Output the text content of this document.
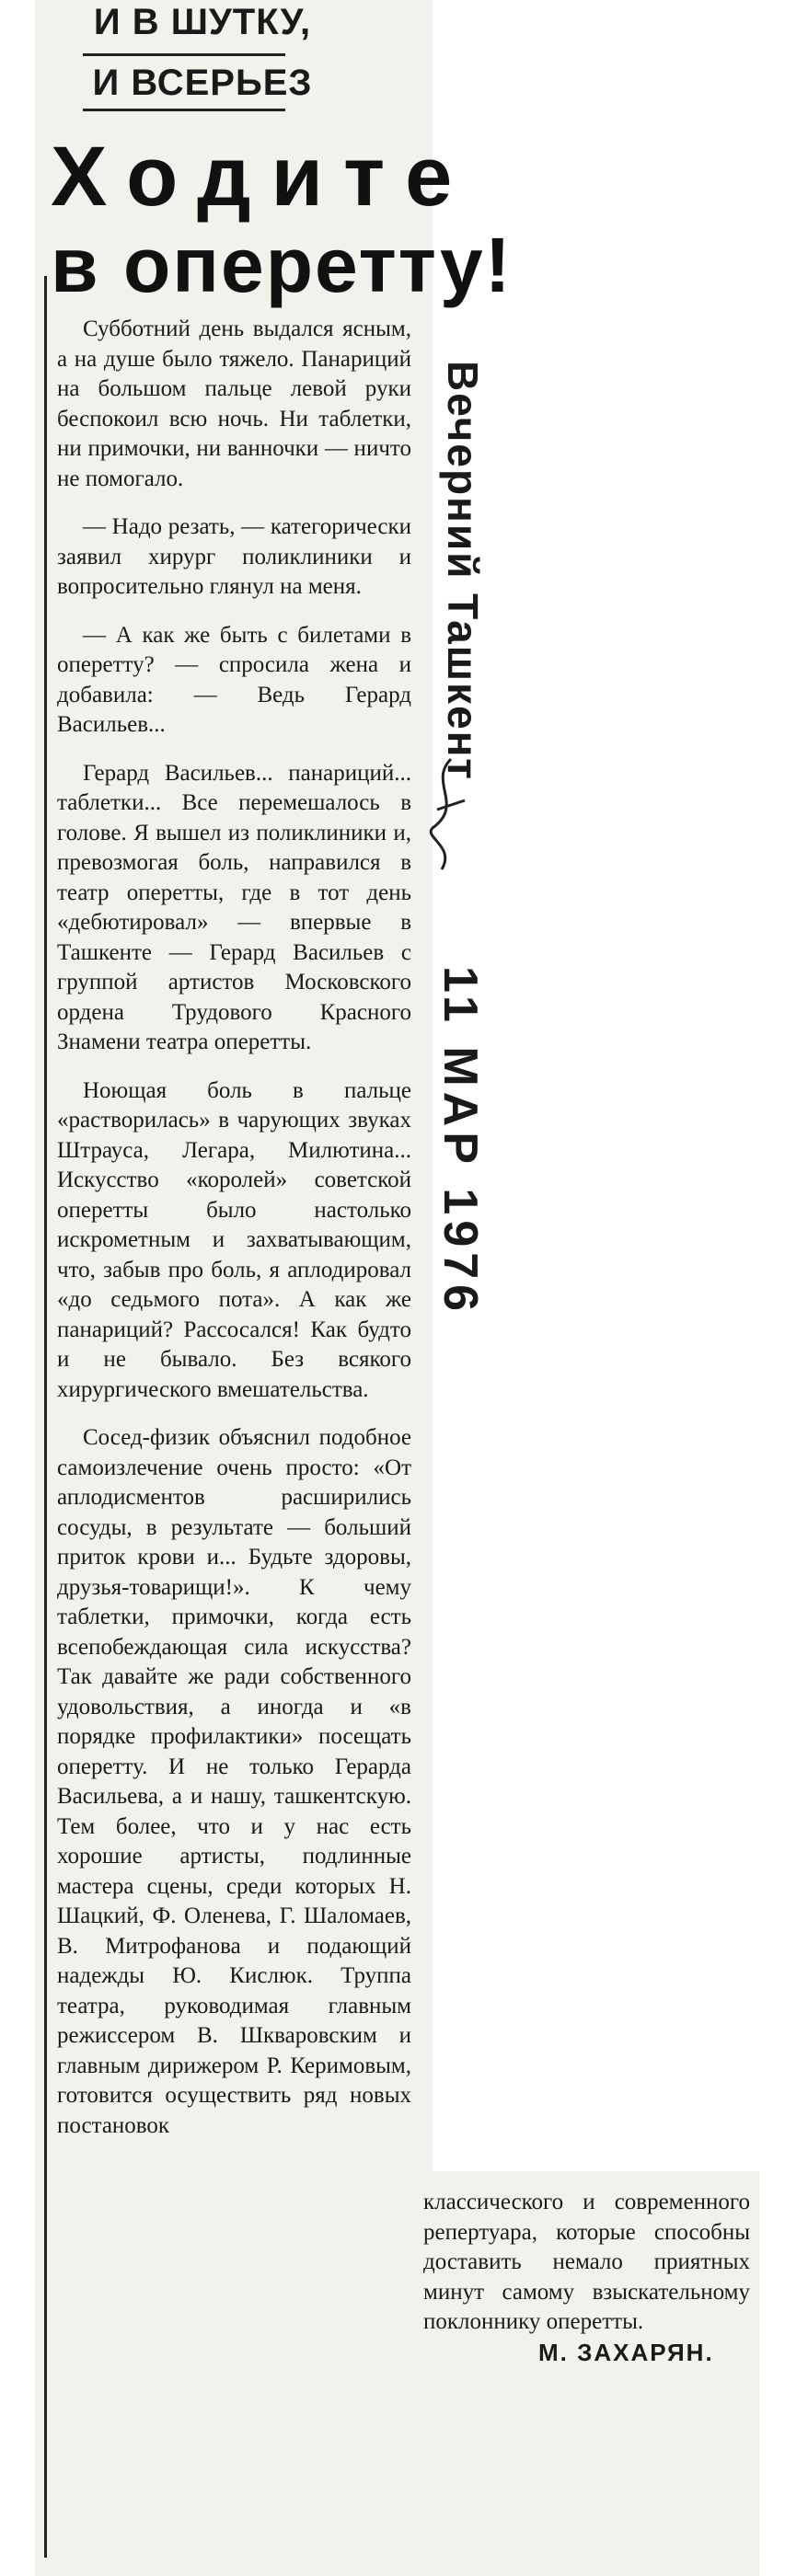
И В ШУТКУ,
И ВСЕРЬЕЗ
Ходите
в оперетту!

Субботний день выдался ясным, а на душе было тяжело. Панариций на большом пальце левой руки беспокоил всю ночь. Ни таблетки, ни примочки, ни ванночки — ничто не помогало.

— Надо резать, — категорически заявил хирург поликлиники и вопросительно глянул на меня.

— А как же быть с билетами в оперетту? — спросила жена и добавила: — Ведь Герард Васильев...

Герард Васильев... панариций... таблетки... Все перемешалось в голове. Я вышел из поликлиники и, превозмогая боль, направился в театр оперетты, где в тот день «дебютировал» — впервые в Ташкенте — Герард Васильев с группой артистов Московского ордена Трудового Красного Знамени театра оперетты.

Ноющая боль в пальце «растворилась» в чарующих звуках Штрауса, Легара, Милютина... Искусство «королей» советской оперетты было настолько искрометным и захватывающим, что, забыв про боль, я аплодировал «до седьмого пота». А как же панариций? Рассосался! Как будто и не бывало. Без всякого хирургического вмешательства.

Сосед-физик объяснил подобное самоизлечение очень просто: «От аплодисментов расширились сосуды, в результате — больший приток крови и... Будьте здоровы, друзья-товарищи!». К чему таблетки, примочки, когда есть всепобеждающая сила искусства? Так давайте же ради собственного удовольствия, а иногда и «в порядке профилактики» посещать оперетту. И не только Герарда Васильева, а и нашу, ташкентскую. Тем более, что и у нас есть хорошие артисты, подлинные мастера сцены, среди которых Н. Шацкий, Ф. Оленева, Г. Шаломаев, В. Митрофанова и подающий надежды Ю. Кислюк. Труппа театра, руководимая главным режиссером В. Шкваровским и главным дирижером Р. Керимовым, готовится осуществить ряд новых постановок

Вечерний Ташкент
11 МАР 1976

классического и современного репертуара, которые способны доставить немало приятных минут самому взыскательному поклоннику оперетты.

М. ЗАХАРЯН.
